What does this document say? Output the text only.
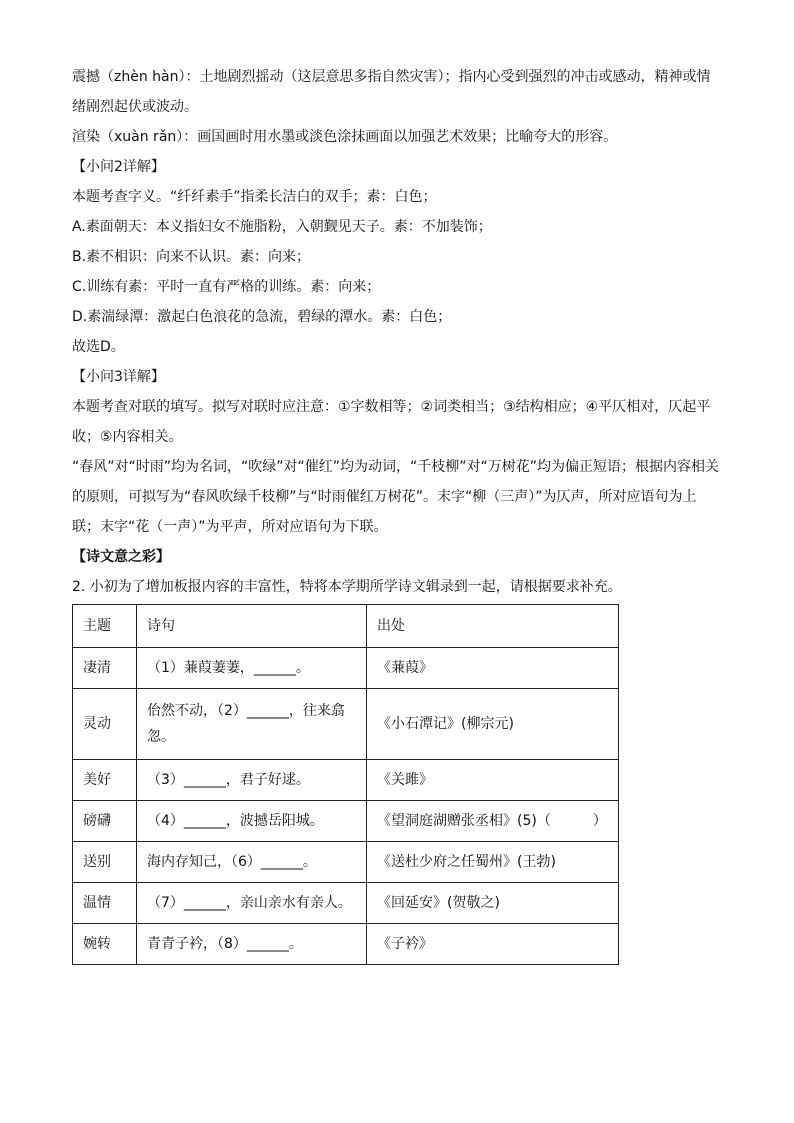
震撼（zhèn hàn）：土地剧烈摇动（这层意思多指自然灾害）；指内心受到强烈的冲击或感动，精神或情绪剧烈起伏或波动。

渲染（xuàn rǎn）：画国画时用水墨或淡色涂抹画面以加强艺术效果；比喻夸大的形容。

【小问2详解】

本题考查字义。“纤纤素手”指柔长洁白的双手；素：白色；

A.素面朝天：本义指妇女不施脂粉，入朝觐见天子。素：不加装饰；

B.素不相识：向来不认识。素：向来；

C.训练有素：平时一直有严格的训练。素：向来；

D.素湍绿潭：激起白色浪花的急流，碧绿的潭水。素：白色；

故选D。

【小问3详解】

本题考查对联的填写。拟写对联时应注意：①字数相等；②词类相当；③结构相应；④平仄相对，仄起平收；⑤内容相关。

“春风”对“时雨”均为名词，“吹绿”对“催红”均为动词，“千枝柳”对“万树花”均为偏正短语；根据内容相关的原则，可拟写为“春风吹绿千枝柳”与“时雨催红万树花”。末字“柳（三声）”为仄声，所对应语句为上联；末字“花（一声）”为平声，所对应语句为下联。

【诗文意之彩】

2. 小初为了增加板报内容的丰富性，特将本学期所学诗文辑录到一起，请根据要求补充。

主题	诗句	出处
凄清	（1）蒹葭萋萋，______。	《蒹葭》
灵动	佁然不动，（2）______，往来翕忽。	《小石潭记》(柳宗元)
美好	（3）______，君子好逑。	《关雎》
磅礴	（4）______，波撼岳阳城。	《望洞庭湖赠张丞相》(5)（　　　）
送别	海内存知己，（6）______。	《送杜少府之任蜀州》(王勃)
温情	（7）______，亲山亲水有亲人。	《回延安》(贺敬之)
婉转	青青子衿，（8）______。	《子衿》
